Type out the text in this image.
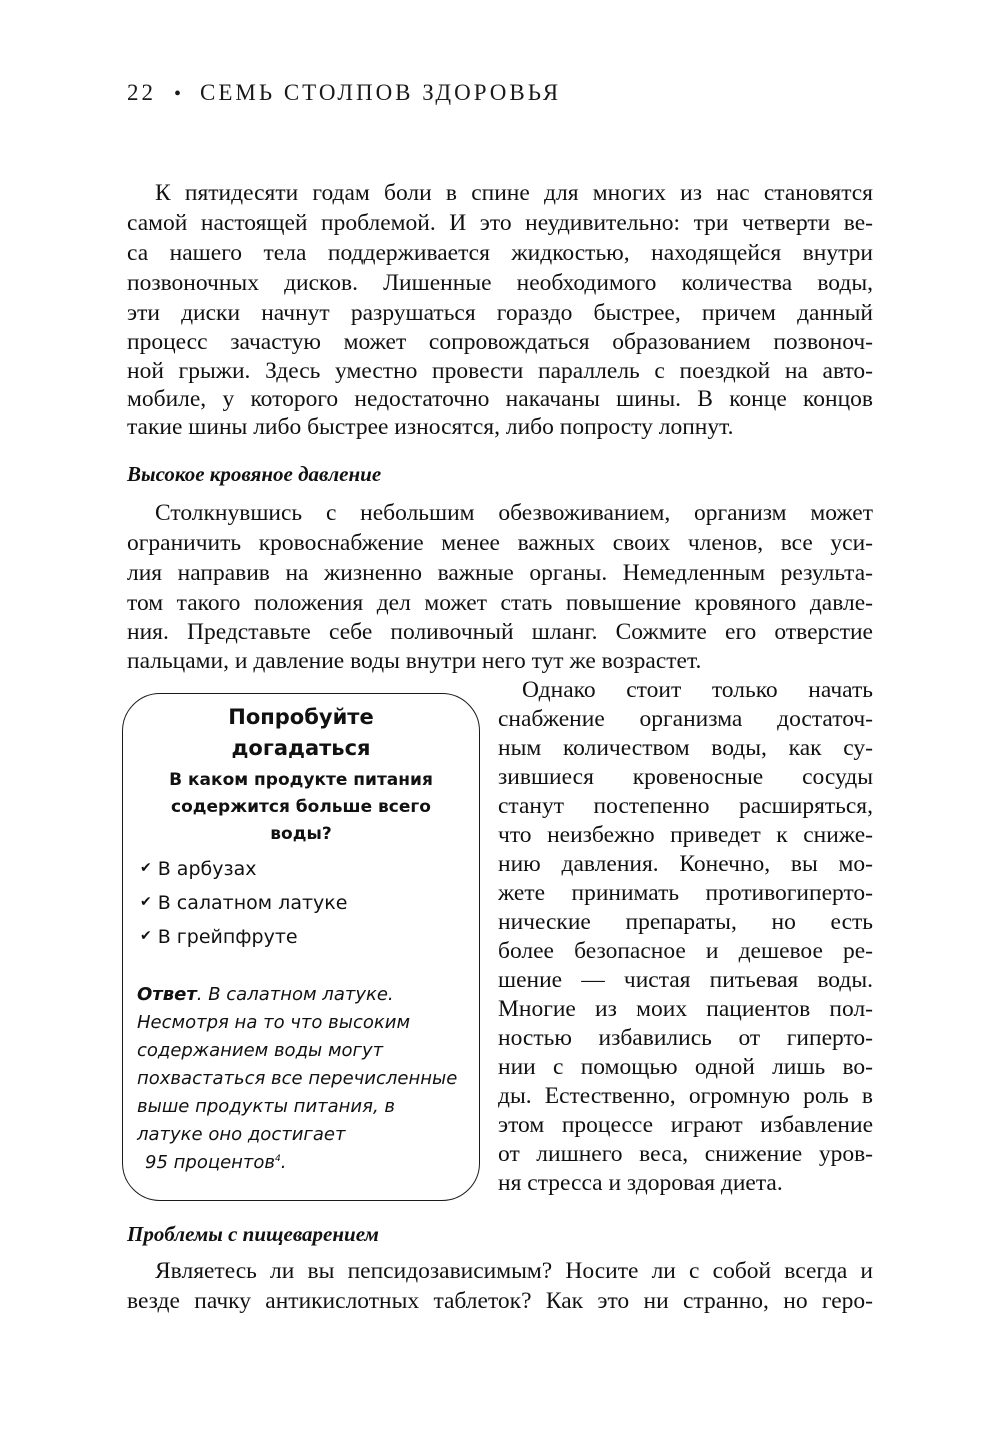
22 • СЕМЬ СТОЛПОВ ЗДОРОВЬЯ
К пятидесяти годам боли в спине для многих из нас становятся
самой настоящей проблемой. И это неудивительно: три четверти ве-
са нашего тела поддерживается жидкостью, находящейся внутри
позвоночных дисков. Лишенные необходимого количества воды,
эти диски начнут разрушаться гораздо быстрее, причем данный
процесс зачастую может сопровождаться образованием позвоноч-
ной грыжи. Здесь уместно провести параллель с поездкой на авто-
мобиле, у которого недостаточно накачаны шины. В конце концов
такие шины либо быстрее износятся, либо попросту лопнут.
Высокое кровяное давление
Столкнувшись с небольшим обезвоживанием, организм может
ограничить кровоснабжение менее важных своих членов, все уси-
лия направив на жизненно важные органы. Немедленным результа-
том такого положения дел может стать повышение кровяного давле-
ния. Представьте себе поливочный шланг. Сожмите его отверстие
пальцами, и давление воды внутри него тут же возрастет.
Однако стоит только начать
снабжение организма достаточ-
ным количеством воды, как су-
зившиеся кровеносные сосуды
станут постепенно расширяться,
что неизбежно приведет к сниже-
нию давления. Конечно, вы мо-
жете принимать противогиперто-
нические препараты, но есть
более безопасное и дешевое ре-
шение — чистая питьевая воды.
Многие из моих пациентов пол-
ностью избавились от гиперто-
нии с помощью одной лишь во-
ды. Естественно, огромную роль в
этом процессе играют избавление
от лишнего веса, снижение уров-
ня стресса и здоровая диета.
Попробуйте
догадаться
В каком продукте питания
содержится больше всего
воды?
✔ В арбузах
✔ В салатном латуке
✔ В грейпфруте
Ответ. В салатном латуке.
Несмотря на то что высоким
содержанием воды могут
похвастаться все перечисленные
выше продукты питания, в
латуке оно достигает
95 процентов$^4$.
Проблемы с пищеварением
Являетесь ли вы пепсидозависимым? Носите ли с собой всегда и
везде пачку антикислотных таблеток? Как это ни странно, но геро-
